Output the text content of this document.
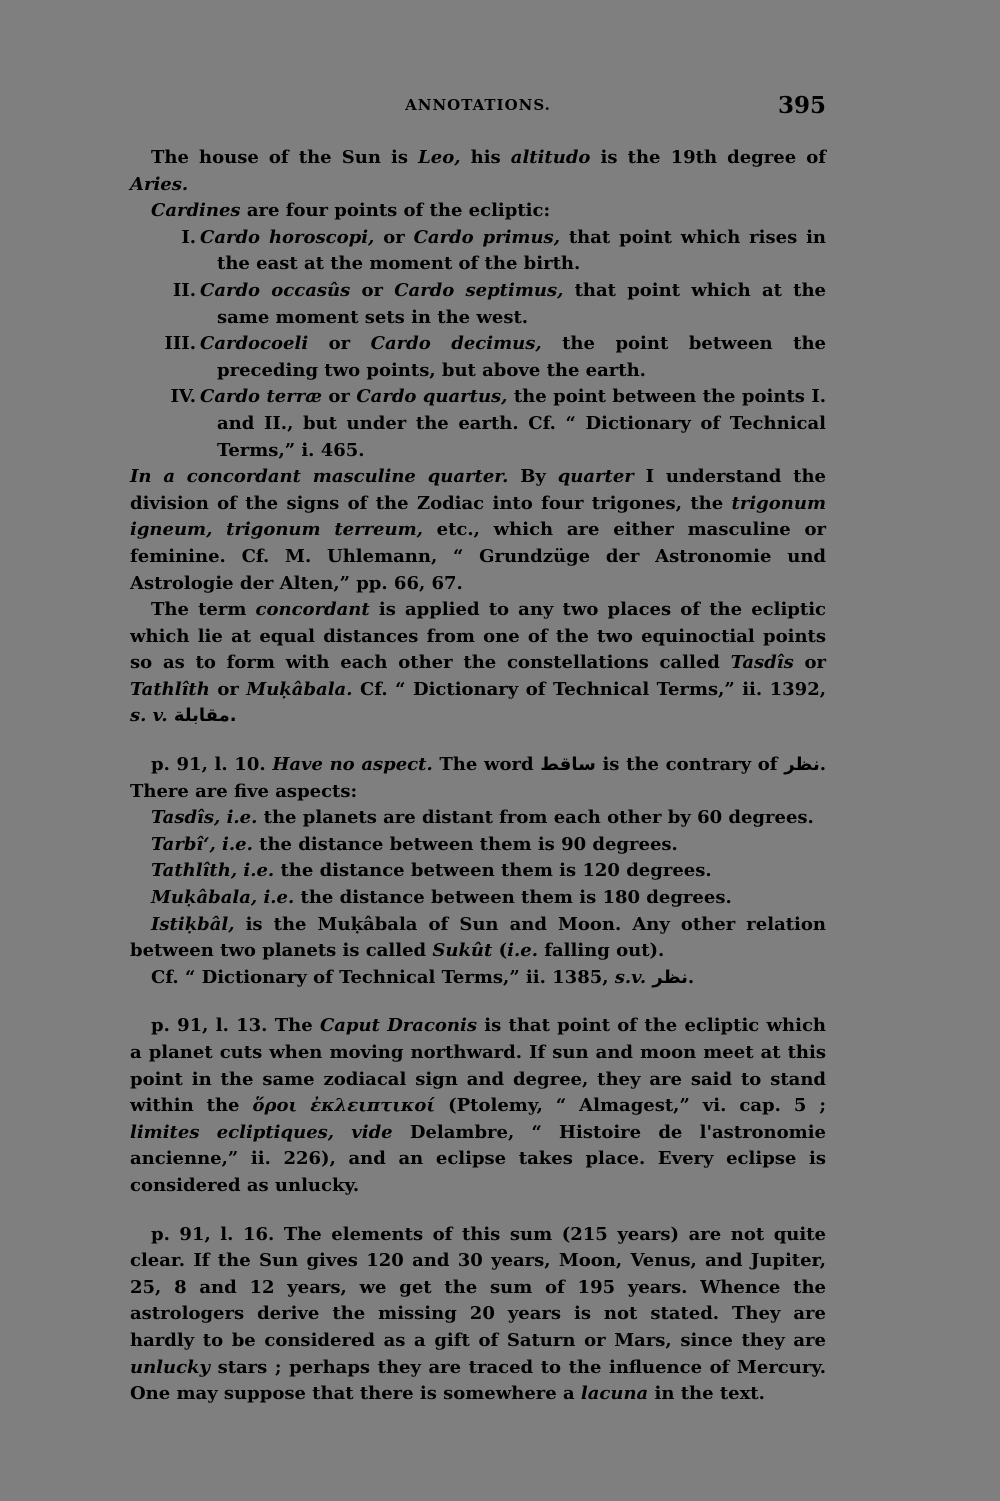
ANNOTATIONS.	395

The house of the Sun is Leo, his altitudo is the 19th degree of Aries.

Cardines are four points of the ecliptic:

I. Cardo horoscopi, or Cardo primus, that point which rises in the east at the moment of the birth.

II. Cardo occasûs or Cardo septimus, that point which at the same moment sets in the west.

III. Cardocoeli or Cardo decimus, the point between the preceding two points, but above the earth.

IV. Cardo terræ or Cardo quartus, the point between the points I. and II., but under the earth. Cf. “ Dictionary of Technical Terms,” i. 465.

In a concordant masculine quarter. By quarter I understand the division of the signs of the Zodiac into four trigones, the trigonum igneum, trigonum terreum, etc., which are either masculine or feminine. Cf. M. Uhlemann, “ Grundzüge der Astronomie und Astrologie der Alten,” pp. 66, 67.

The term concordant is applied to any two places of the ecliptic which lie at equal distances from one of the two equinoctial points so as to form with each other the constellations called Tasdîs or Tathlîth or Muḳâbala. Cf. “ Dictionary of Technical Terms,” ii. 1392, s. v. مقابلة.

p. 91, l. 10. Have no aspect. The word ساقط is the contrary of نظر. There are five aspects:

Tasdîs, i.e. the planets are distant from each other by 60 degrees.

Tarbî‘, i.e. the distance between them is 90 degrees.

Tathlîth, i.e. the distance between them is 120 degrees.

Muḳâbala, i.e. the distance between them is 180 degrees.

Istiḳbâl, is the Muḳâbala of Sun and Moon. Any other relation between two planets is called Sukût (i.e. falling out).

Cf. “ Dictionary of Technical Terms,” ii. 1385, s.v. نظر.

p. 91, l. 13. The Caput Draconis is that point of the ecliptic which a planet cuts when moving northward. If sun and moon meet at this point in the same zodiacal sign and degree, they are said to stand within the ὅροι ἐκλειπτικοί (Ptolemy, “ Almagest,” vi. cap. 5 ; limites ecliptiques, vide Delambre, “ Histoire de l'astronomie ancienne,” ii. 226), and an eclipse takes place. Every eclipse is considered as unlucky.

p. 91, l. 16. The elements of this sum (215 years) are not quite clear. If the Sun gives 120 and 30 years, Moon, Venus, and Jupiter, 25, 8 and 12 years, we get the sum of 195 years. Whence the astrologers derive the missing 20 years is not stated. They are hardly to be considered as a gift of Saturn or Mars, since they are unlucky stars ; perhaps they are traced to the influence of Mercury. One may suppose that there is somewhere a lacuna in the text.
